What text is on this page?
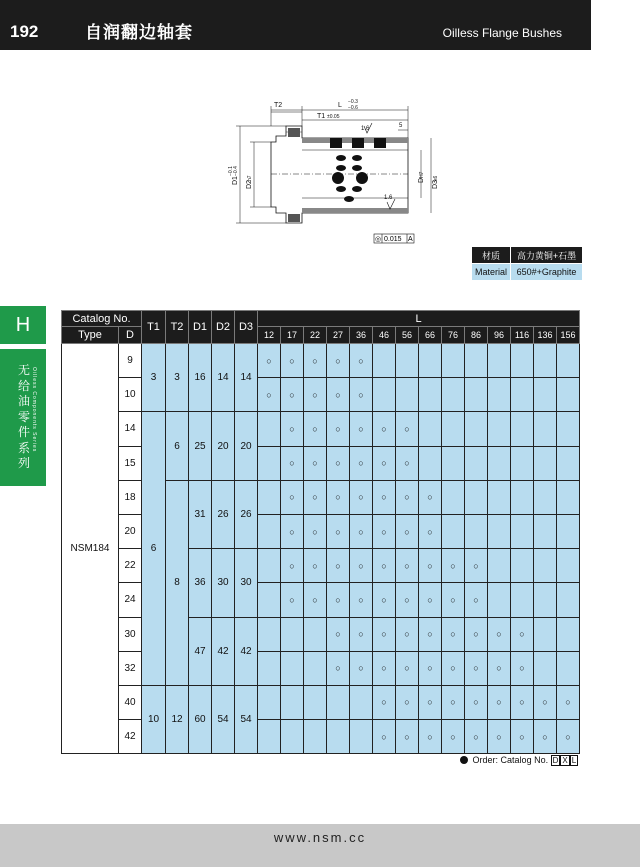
192	自润翻边轴套	Oilless Flange Bushes
T2	L −0.3
−0.6
T1 ±0.05
1.6	5
1.6
D1
−0.1 −0.4
D2
h7	D
H7
D3
k6
◎ 0.015 A
材质	高力黄铜+石墨
Material	650#+Graphite
H
无
给
油
零
件
系
列
Oilless Components Series
Catalog No.		T1	T2	D1	D2	D3	L													
Type	D						12	17	22	27	36	46	56	66	76	86	96	116	136	156
NSM184	9	3	3	16	14	14	○	○	○	○	○									
	10						○	○	○	○	○									
	14	6	6	25	20	20		○	○	○	○	○	○							
	15							○	○	○	○	○	○							
	18		8	31	26	26		○	○	○	○	○	○	○						
	20							○	○	○	○	○	○	○						
	22			36	30	30		○	○	○	○	○	○	○	○	○				
	24							○	○	○	○	○	○	○	○	○				
	30			47	42	42				○	○	○	○	○	○	○	○	○		
	32									○	○	○	○	○	○	○	○	○		
	40	10	12	60	54	54						○	○	○	○	○	○	○	○	○
	42											○	○	○	○	○	○	○	○	○
Order: Catalog No. D X L
www.nsm.cc
